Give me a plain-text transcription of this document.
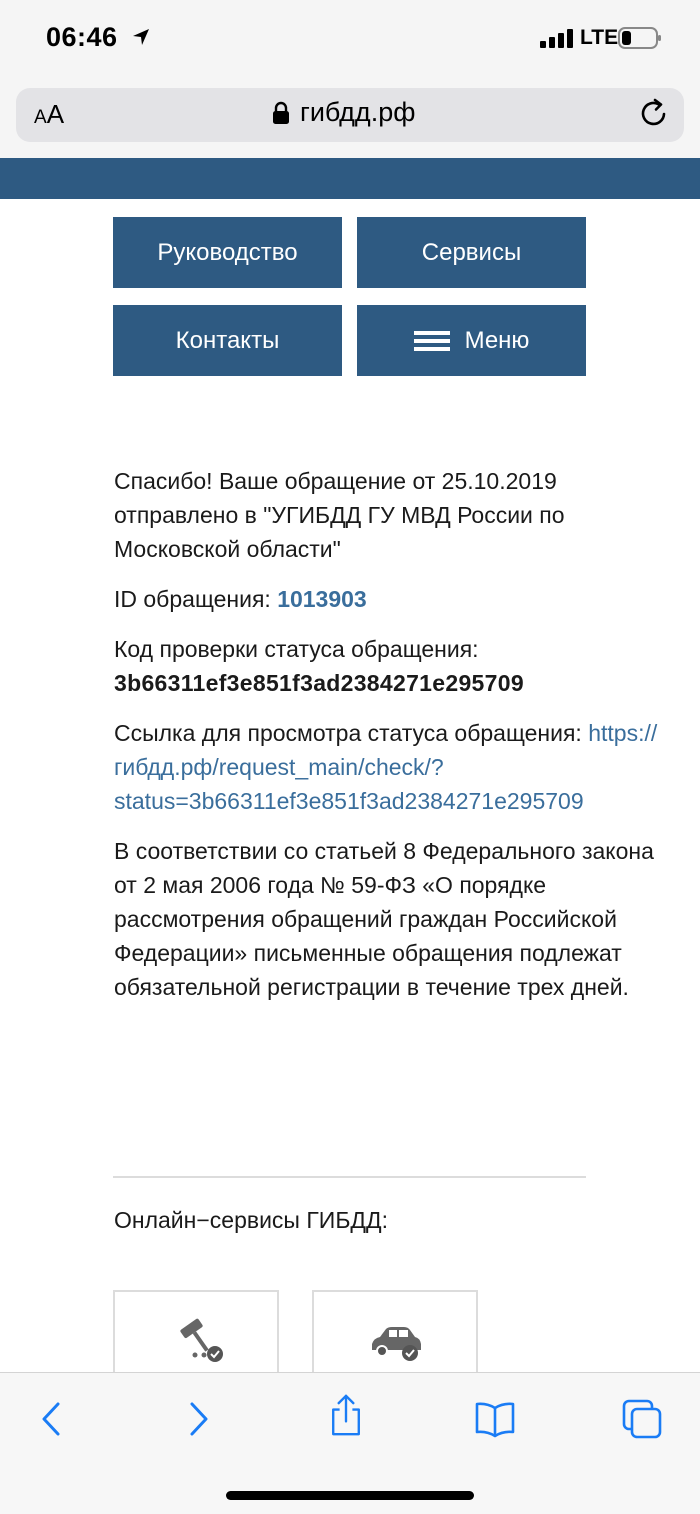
06:46	LTE
AA	гибдд.рф
Руководство	Сервисы
Контакты	Меню

Спасибо! Ваше обращение от 25.10.2019 отправлено в "УГИБДД ГУ МВД России по Московской области"

ID обращения: 1013903

Код проверки статуса обращения:
3b66311ef3e851f3ad2384271e295709

Ссылка для просмотра статуса обращения: https://
гибдд.рф/request_main/check/?
status=3b66311ef3e851f3ad2384271e295709

В соответствии со статьей 8 Федерального закона от 2 мая 2006 года № 59-ФЗ «О порядке рассмотрения обращений граждан Российской Федерации» письменные обращения подлежат обязательной регистрации в течение трех дней.

Онлайн−сервисы ГИБДД:
